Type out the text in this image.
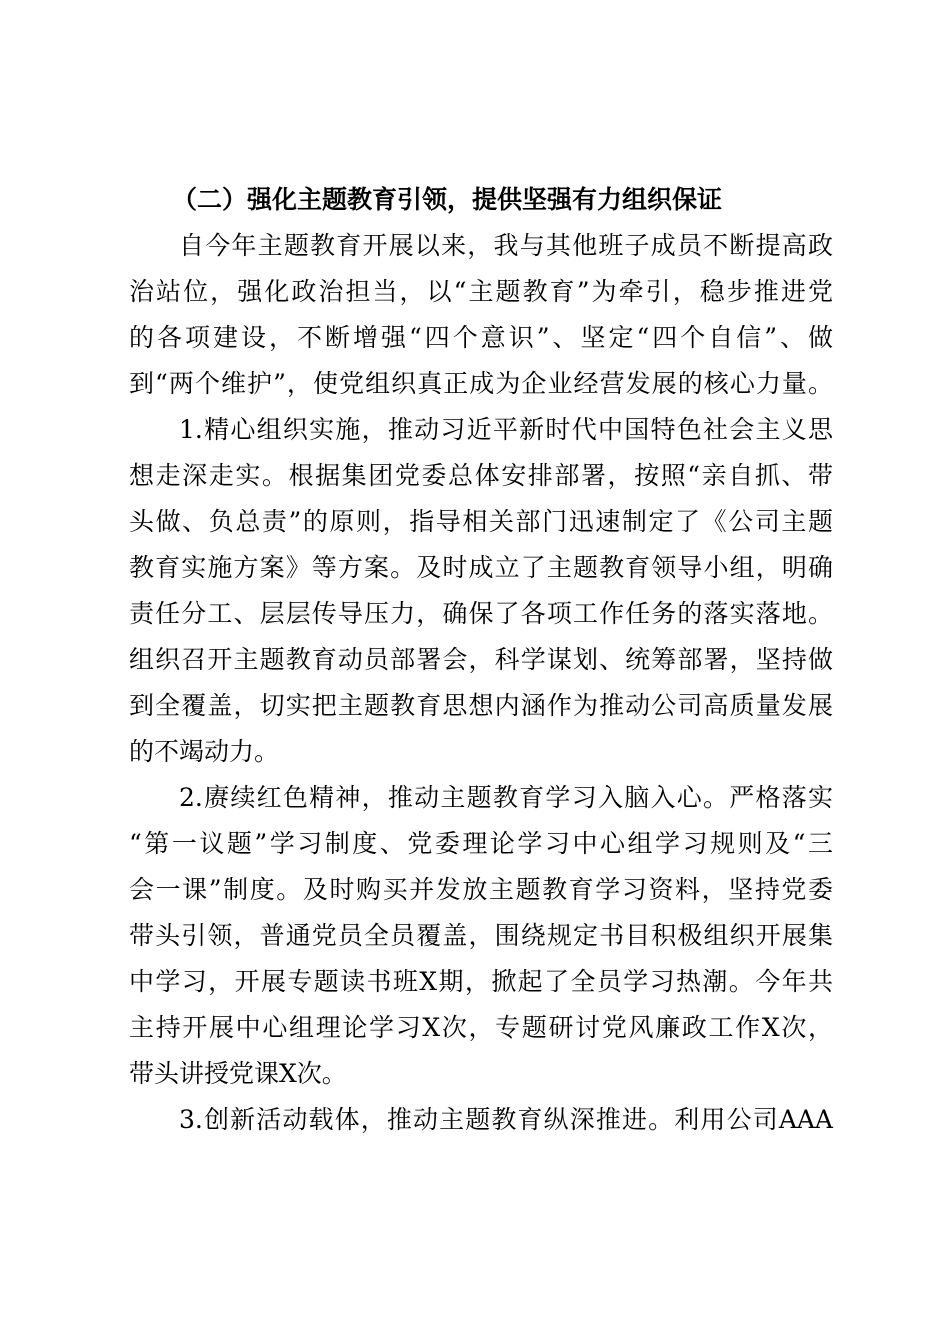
（二）强化主题教育引领，提供坚强有力组织保证
自今年主题教育开展以来，我与其他班子成员不断提高政
治站位，强化政治担当，以“主题教育”为牵引，稳步推进党
的各项建设，不断增强“四个意识”、坚定“四个自信”、做
到“两个维护”，使党组织真正成为企业经营发展的核心力量。
1.精心组织实施，推动习近平新时代中国特色社会主义思
想走深走实。根据集团党委总体安排部署，按照“亲自抓、带
头做、负总责”的原则，指导相关部门迅速制定了《公司主题
教育实施方案》等方案。及时成立了主题教育领导小组，明确
责任分工、层层传导压力，确保了各项工作任务的落实落地。
组织召开主题教育动员部署会，科学谋划、统筹部署，坚持做
到全覆盖，切实把主题教育思想内涵作为推动公司高质量发展
的不竭动力。
2.赓续红色精神，推动主题教育学习入脑入心。严格落实
“第一议题”学习制度、党委理论学习中心组学习规则及“三
会一课”制度。及时购买并发放主题教育学习资料，坚持党委
带头引领，普通党员全员覆盖，围绕规定书目积极组织开展集
中学习，开展专题读书班X期，掀起了全员学习热潮。今年共
主持开展中心组理论学习X次，专题研讨党风廉政工作X次，
带头讲授党课X次。
3.创新活动载体，推动主题教育纵深推进。利用公司AAA
